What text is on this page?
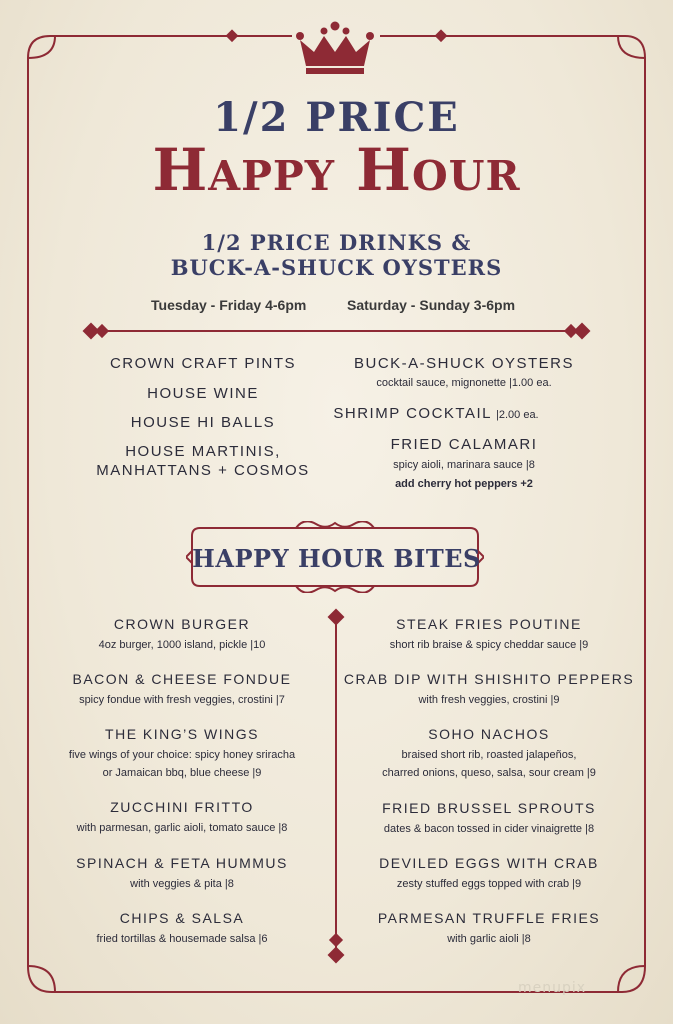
1/2 PRICE
Happy Hour
1/2 PRICE DRINKS &
BUCK-A-SHUCK OYSTERS
Tuesday - Friday 4-6pm	Saturday - Sunday 3-6pm
CROWN CRAFT PINTS
HOUSE WINE
HOUSE HI BALLS
HOUSE MARTINIS,
MANHATTANS + COSMOS
BUCK-A-SHUCK OYSTERS
cocktail sauce, mignonette |1.00 ea.
SHRIMP COCKTAIL |2.00 ea.
FRIED CALAMARI
spicy aioli, marinara sauce |8
add cherry hot peppers +2
HAPPY HOUR BITES
CROWN BURGER
4oz burger, 1000 island, pickle |10
BACON & CHEESE FONDUE
spicy fondue with fresh veggies, crostini |7
THE KING’S WINGS
five wings of your choice: spicy honey sriracha
or Jamaican bbq, blue cheese |9
ZUCCHINI FRITTO
with parmesan, garlic aioli, tomato sauce |8
SPINACH & FETA HUMMUS
with veggies & pita |8
CHIPS & SALSA
fried tortillas & housemade salsa |6
STEAK FRIES POUTINE
short rib braise & spicy cheddar sauce |9
CRAB DIP WITH SHISHITO PEPPERS
with fresh veggies, crostini |9
SOHO NACHOS
braised short rib, roasted jalapeños,
charred onions, queso, salsa, sour cream |9
FRIED BRUSSEL SPROUTS
dates & bacon tossed in cider vinaigrette |8
DEVILED EGGS WITH CRAB
zesty stuffed eggs topped with crab |9
PARMESAN TRUFFLE FRIES
with garlic aioli |8
menupix
